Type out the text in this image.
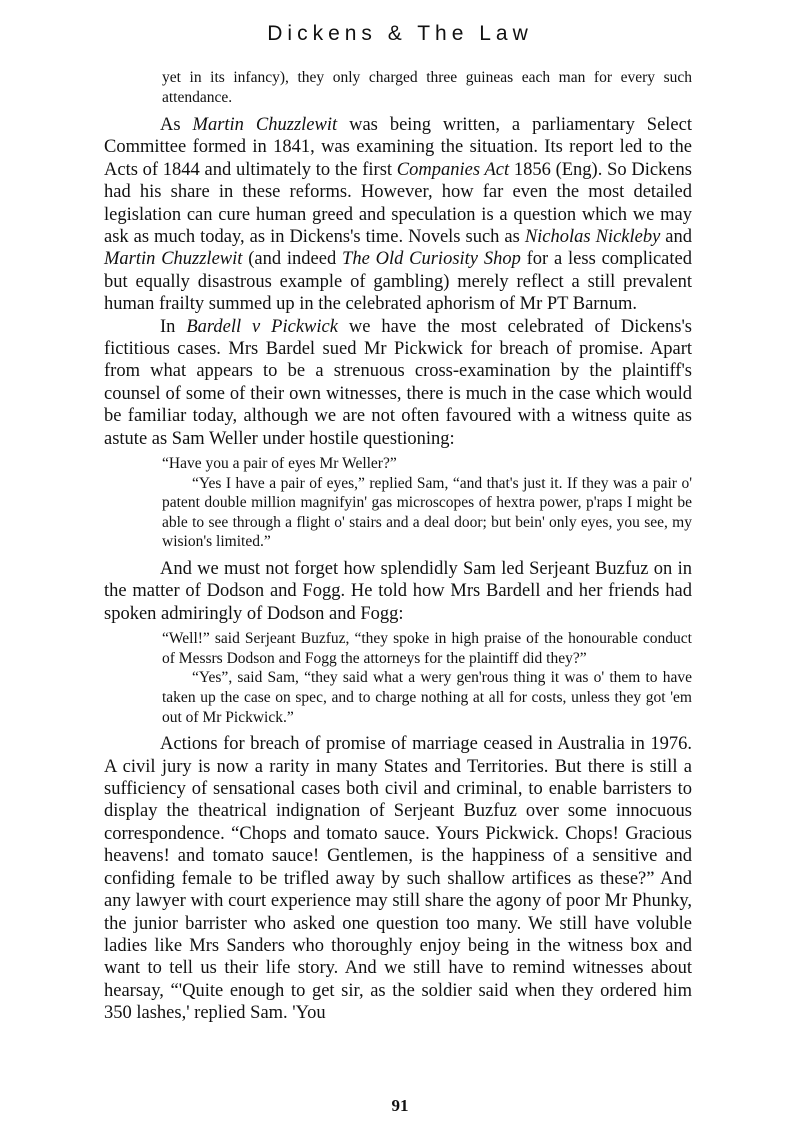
Dickens & The Law

yet in its infancy), they only charged three guineas each man for every such attendance.

As Martin Chuzzlewit was being written, a parliamentary Select Committee formed in 1841, was examining the situation. Its report led to the Acts of 1844 and ultimately to the first Companies Act 1856 (Eng). So Dickens had his share in these reforms. However, how far even the most detailed legislation can cure human greed and speculation is a question which we may ask as much today, as in Dickens's time. Novels such as Nicholas Nickleby and Martin Chuzzlewit (and indeed The Old Curiosity Shop for a less complicated but equally disastrous example of gambling) merely reflect a still prevalent human frailty summed up in the celebrated aphorism of Mr PT Barnum.

In Bardell v Pickwick we have the most celebrated of Dickens's fictitious cases. Mrs Bardel sued Mr Pickwick for breach of promise. Apart from what appears to be a strenuous cross-examination by the plaintiff's counsel of some of their own witnesses, there is much in the case which would be familiar today, although we are not often favoured with a witness quite as astute as Sam Weller under hostile questioning:

“Have you a pair of eyes Mr Weller?”

“Yes I have a pair of eyes,” replied Sam, “and that's just it. If they was a pair o' patent double million magnifyin' gas microscopes of hextra power, p'raps I might be able to see through a flight o' stairs and a deal door; but bein' only eyes, you see, my wision's limited.”

And we must not forget how splendidly Sam led Serjeant Buzfuz on in the matter of Dodson and Fogg. He told how Mrs Bardell and her friends had spoken admiringly of Dodson and Fogg:

“Well!” said Serjeant Buzfuz, “they spoke in high praise of the honourable conduct of Messrs Dodson and Fogg the attorneys for the plaintiff did they?”

“Yes”, said Sam, “they said what a wery gen'rous thing it was o' them to have taken up the case on spec, and to charge nothing at all for costs, unless they got 'em out of Mr Pickwick.”

Actions for breach of promise of marriage ceased in Australia in 1976. A civil jury is now a rarity in many States and Territories. But there is still a sufficiency of sensational cases both civil and criminal, to enable barristers to display the theatrical indignation of Serjeant Buzfuz over some innocuous correspondence. “Chops and tomato sauce. Yours Pickwick. Chops! Gracious heavens! and tomato sauce! Gentlemen, is the happiness of a sensitive and confiding female to be trifled away by such shallow artifices as these?” And any lawyer with court experience may still share the agony of poor Mr Phunky, the junior barrister who asked one question too many. We still have voluble ladies like Mrs Sanders who thoroughly enjoy being in the witness box and want to tell us their life story. And we still have to remind witnesses about hearsay, “'Quite enough to get sir, as the soldier said when they ordered him 350 lashes,' replied Sam. 'You

91
